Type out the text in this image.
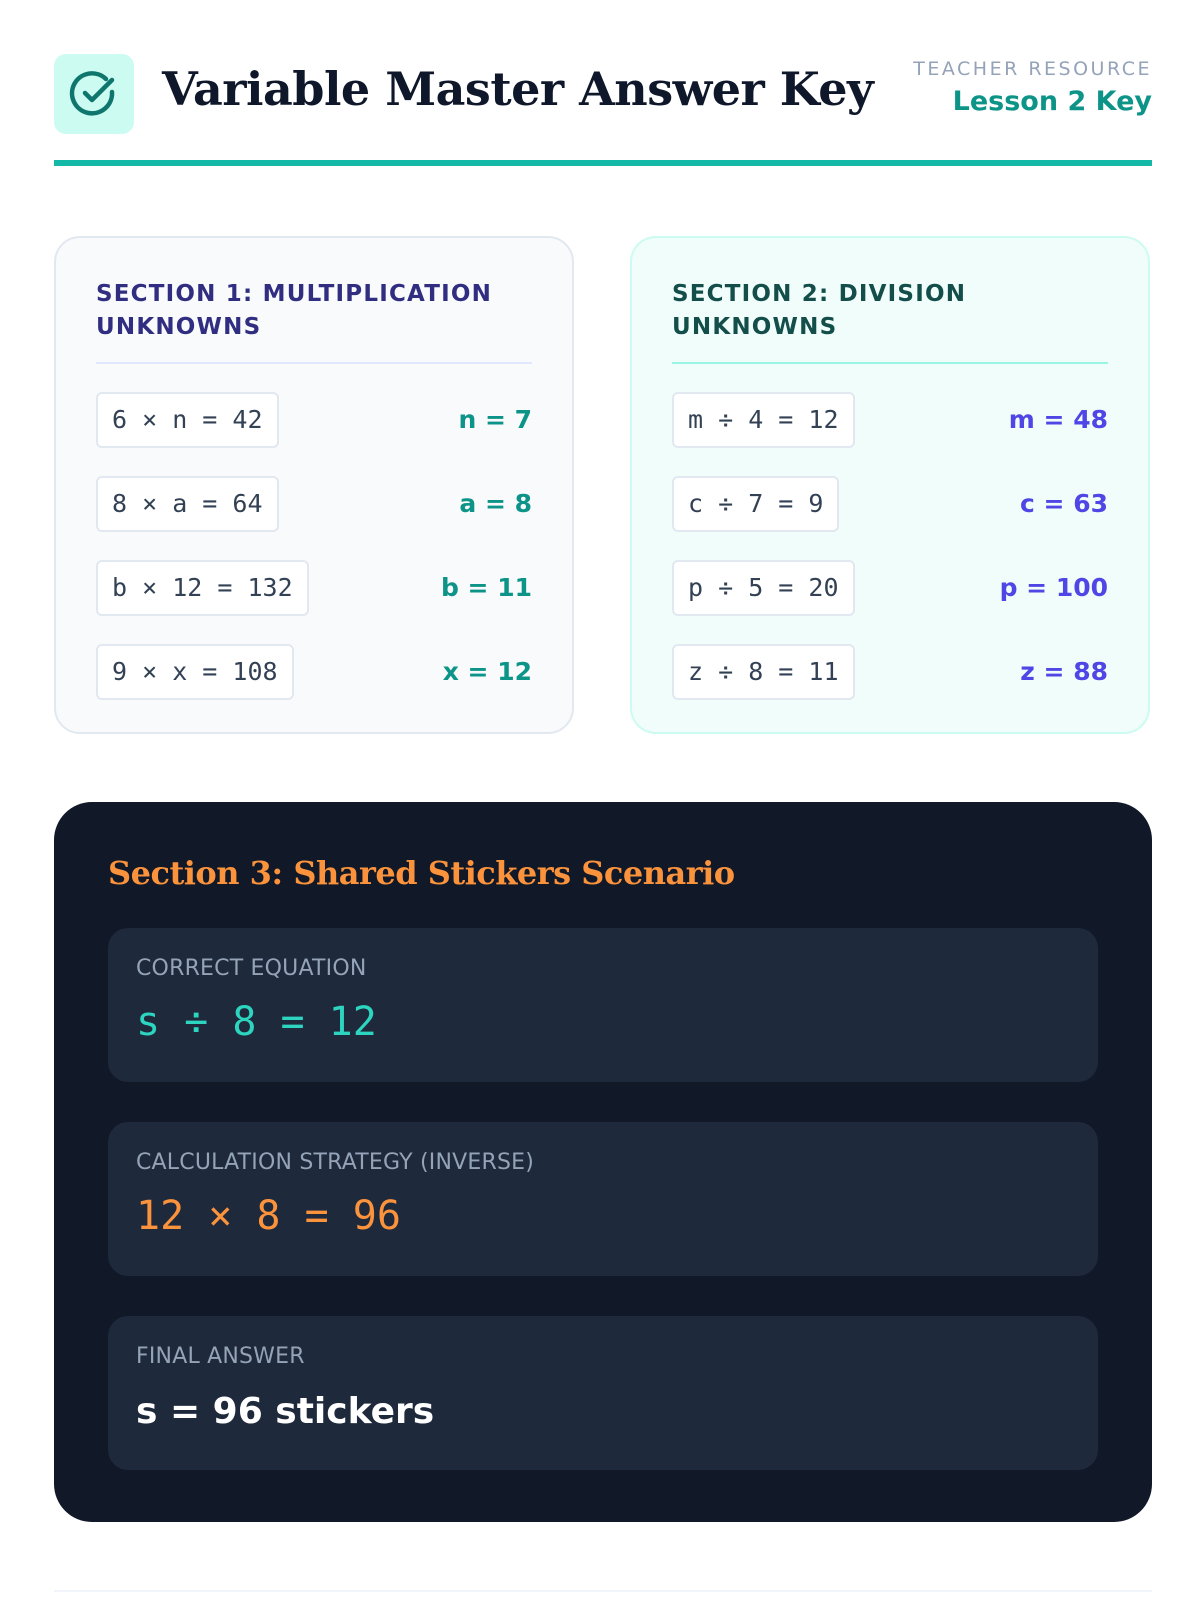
Variable Master Answer Key TEACHER RESOURCE
Lesson 2 Key
SECTION 1: MULTIPLICATION UNKNOWNS
6 × n = 42	n = 7
8 × a = 64	a = 8
b × 12 = 132	b = 11
9 × x = 108	x = 12
SECTION 2: DIVISION UNKNOWNS
m ÷ 4 = 12	m = 48
c ÷ 7 = 9	c = 63
p ÷ 5 = 20	p = 100
z ÷ 8 = 11	z = 88
Section 3: Shared Stickers Scenario
CORRECT EQUATION
s ÷ 8 = 12
CALCULATION STRATEGY (INVERSE)
12 × 8 = 96
FINAL ANSWER
s = 96 stickers
